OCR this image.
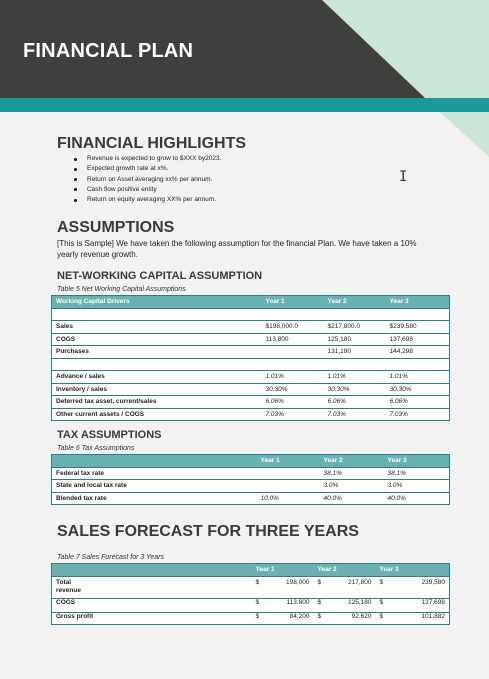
FINANCIAL PLAN
I
FINANCIAL HIGHLIGHTS
Revenue is expected to grow to $XXX by2023.
Expected growth rate at x%.
Return on Asset averaging xx% per annum.
Cash flow positive entity
Return on equity averaging XX% per annum.
ASSUMPTIONS
[This is Sample] We have taken the following assumption for the financial Plan. We have taken a 10% yearly revenue growth.
NET-WORKING CAPITAL ASSUMPTION
Table 5 Net Working Capital Assumptions
Working Capital Drivers	Year 1	Year 2	Year 3

Sales	$198,000.0	$217,800.0	$239,580
COGS	113,800	125,180	137,698
Purchases		131,180	144,298

Advance / sales	1.01%	1.01%	1.01%
Inventory / sales	30.30%	30.30%	30.30%
Deferred tax asset, current/sales	6.06%	6.06%	6.06%
Other current assets / COGS	7.03%	7.03%	7.03%
TAX ASSUMPTIONS
Table 6 Tax Assumptions
	Year 1	Year 2	Year 3
Federal tax rate		38.1%	38.1%
State and local tax rate		3.0%	3.0%
Blended tax rate	10.0%	40.0%	40.0%
SALES FORECAST FOR THREE YEARS
Table 7 Sales Forecast for 3 Years
	Year 1		Year 2		Year 3	
Total revenue	$	198,000	$	217,800	$	239,580
COGS	$	113,800	$	125,180	$	137,698
Gross profit	$	84,200	$	92,620	$	101,882
